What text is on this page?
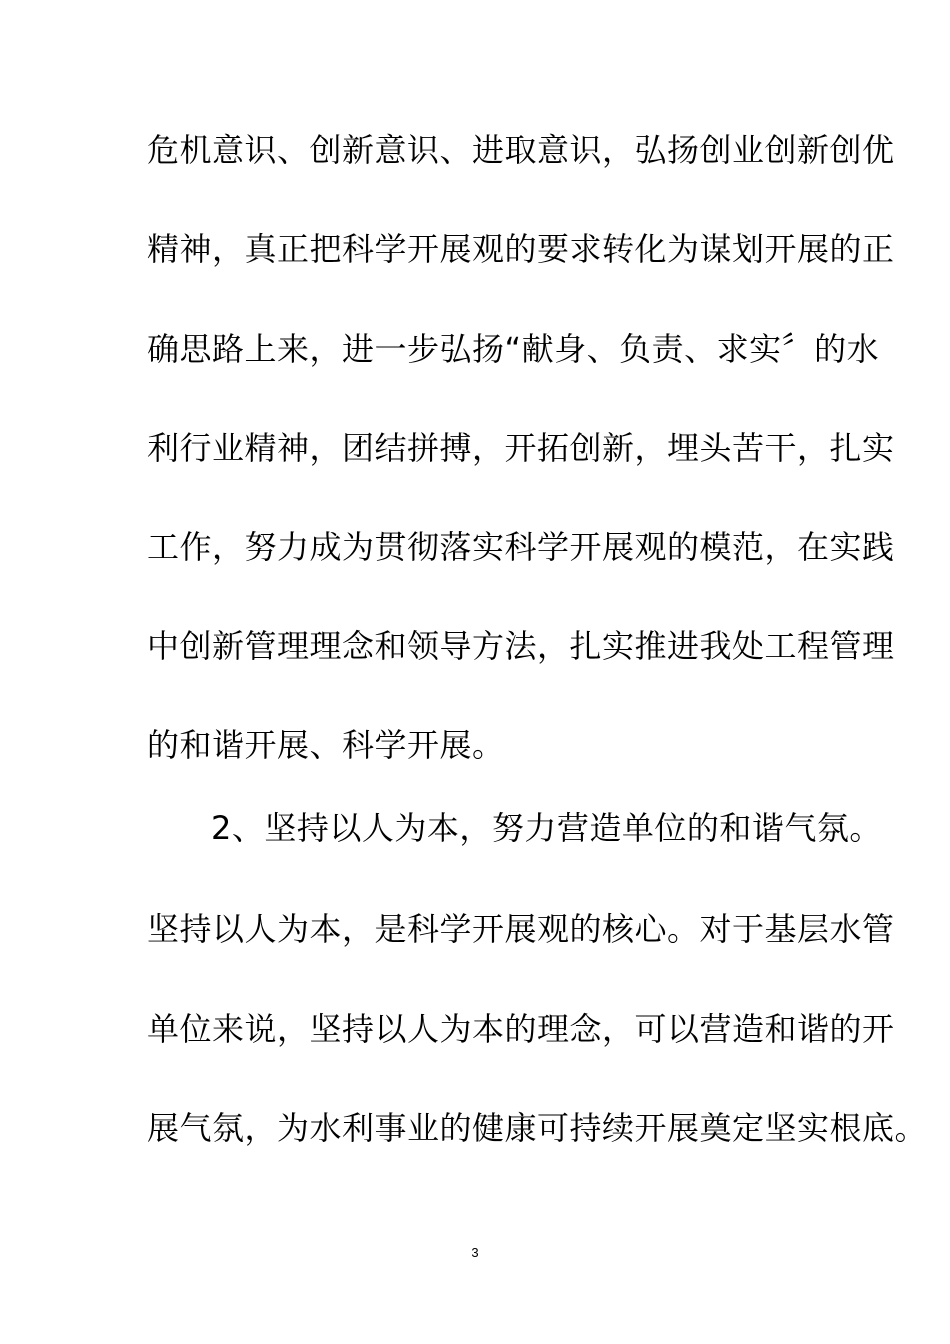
危机意识、创新意识、进取意识，弘扬创业创新创优
精神，真正把科学开展观的要求转化为谋划开展的正
确思路上来，进一步弘扬“献身、负责、求实〞的水
利行业精神，团结拼搏，开拓创新，埋头苦干，扎实
工作，努力成为贯彻落实科学开展观的模范，在实践
中创新管理理念和领导方法，扎实推进我处工程管理
的和谐开展、科学开展。
2、坚持以人为本，努力营造单位的和谐气氛。
坚持以人为本，是科学开展观的核心。对于基层水管
单位来说，坚持以人为本的理念，可以营造和谐的开
展气氛，为水利事业的健康可持续开展奠定坚实根底。
3
